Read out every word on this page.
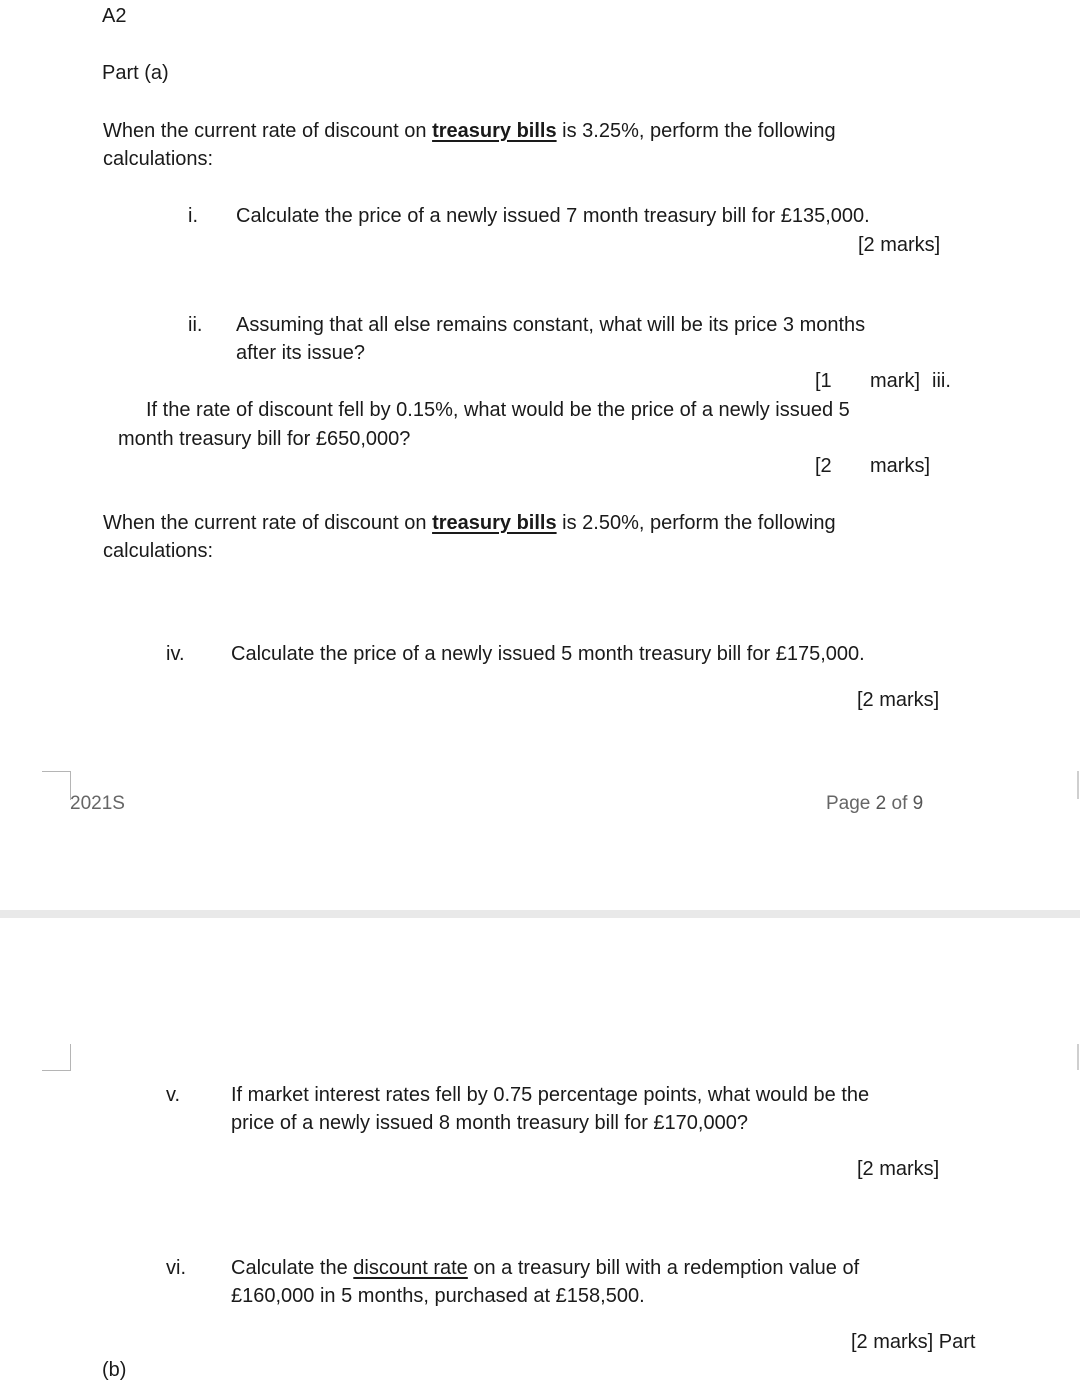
A2
Part (a)
When the current rate of discount on treasury bills is 3.25%, perform the following
calculations:
i. Calculate the price of a newly issued 7 month treasury bill for £135,000.
[2 marks]
ii. Assuming that all else remains constant, what will be its price 3 months
after its issue?
[1 mark] iii.
If the rate of discount fell by 0.15%, what would be the price of a newly issued 5
month treasury bill for £650,000?
[2 marks]
When the current rate of discount on treasury bills is 2.50%, perform the following
calculations:
iv. Calculate the price of a newly issued 5 month treasury bill for £175,000.
[2 marks]
2021S	Page 2 of 9
v.	If market interest rates fell by 0.75 percentage points, what would be the
price of a newly issued 8 month treasury bill for £170,000?
[2 marks]
vi. Calculate the discount rate on a treasury bill with a redemption value of
£160,000 in 5 months, purchased at £158,500.
[2 marks] Part
(b)
